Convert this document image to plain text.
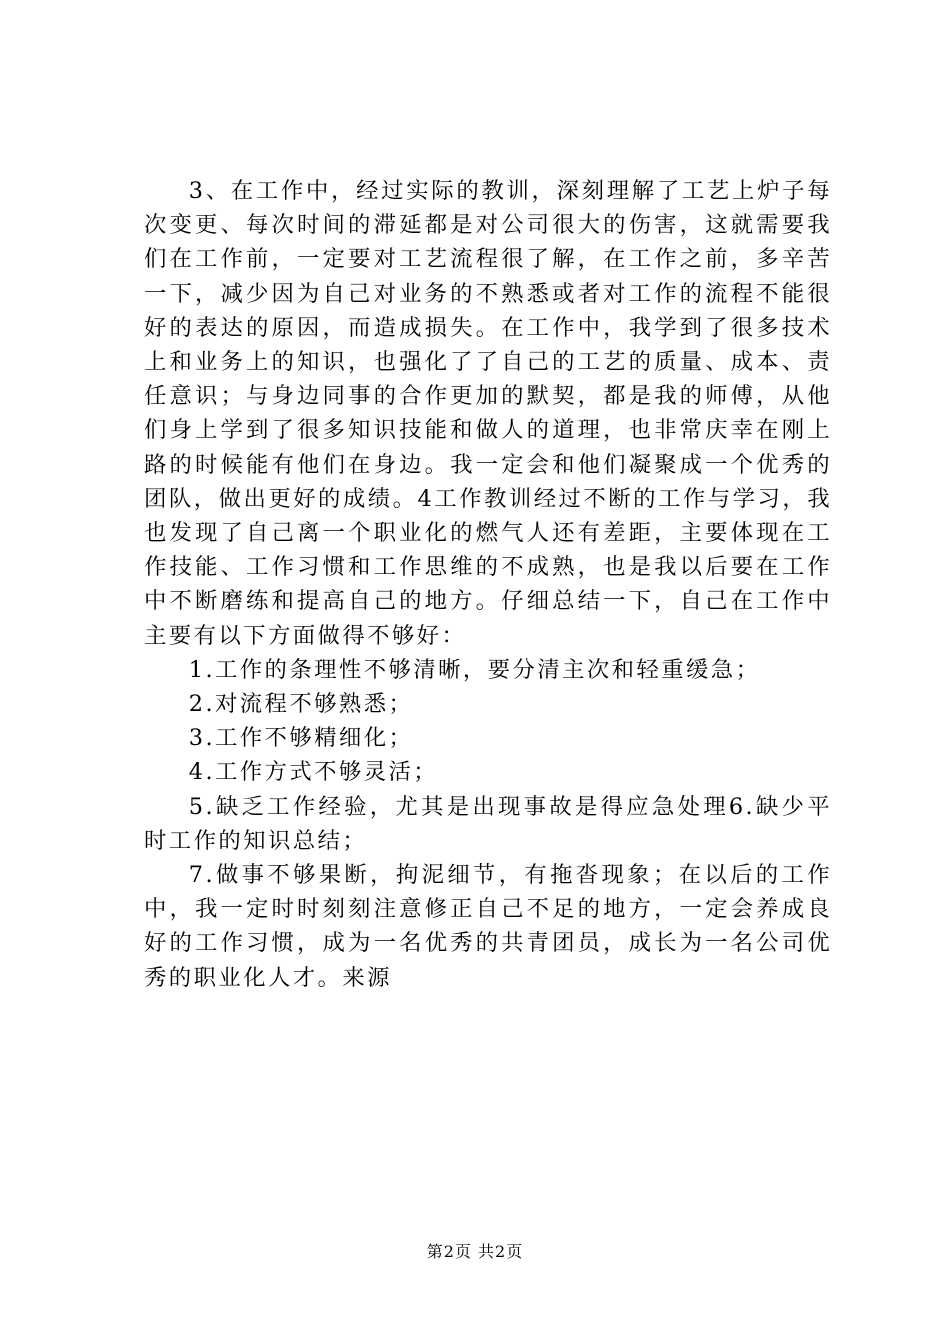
3、在工作中，经过实际的教训，深刻理解了工艺上炉子每次变更、每次时间的滞延都是对公司很大的伤害，这就需要我们在工作前，一定要对工艺流程很了解，在工作之前，多辛苦一下，减少因为自己对业务的不熟悉或者对工作的流程不能很好的表达的原因，而造成损失。在工作中，我学到了很多技术上和业务上的知识，也强化了了自己的工艺的质量、成本、责任意识；与身边同事的合作更加的默契，都是我的师傅，从他们身上学到了很多知识技能和做人的道理，也非常庆幸在刚上路的时候能有他们在身边。我一定会和他们凝聚成一个优秀的团队，做出更好的成绩。4工作教训经过不断的工作与学习，我也发现了自己离一个职业化的燃气人还有差距，主要体现在工作技能、工作习惯和工作思维的不成熟，也是我以后要在工作中不断磨练和提高自己的地方。仔细总结一下，自己在工作中主要有以下方面做得不够好：

1.工作的条理性不够清晰，要分清主次和轻重缓急；

2.对流程不够熟悉；

3.工作不够精细化；

4.工作方式不够灵活；

5.缺乏工作经验，尤其是出现事故是得应急处理6.缺少平时工作的知识总结；

7.做事不够果断，拘泥细节，有拖沓现象；在以后的工作中，我一定时时刻刻注意修正自己不足的地方，一定会养成良好的工作习惯，成为一名优秀的共青团员，成长为一名公司优秀的职业化人才。来源

第2页 共2页
